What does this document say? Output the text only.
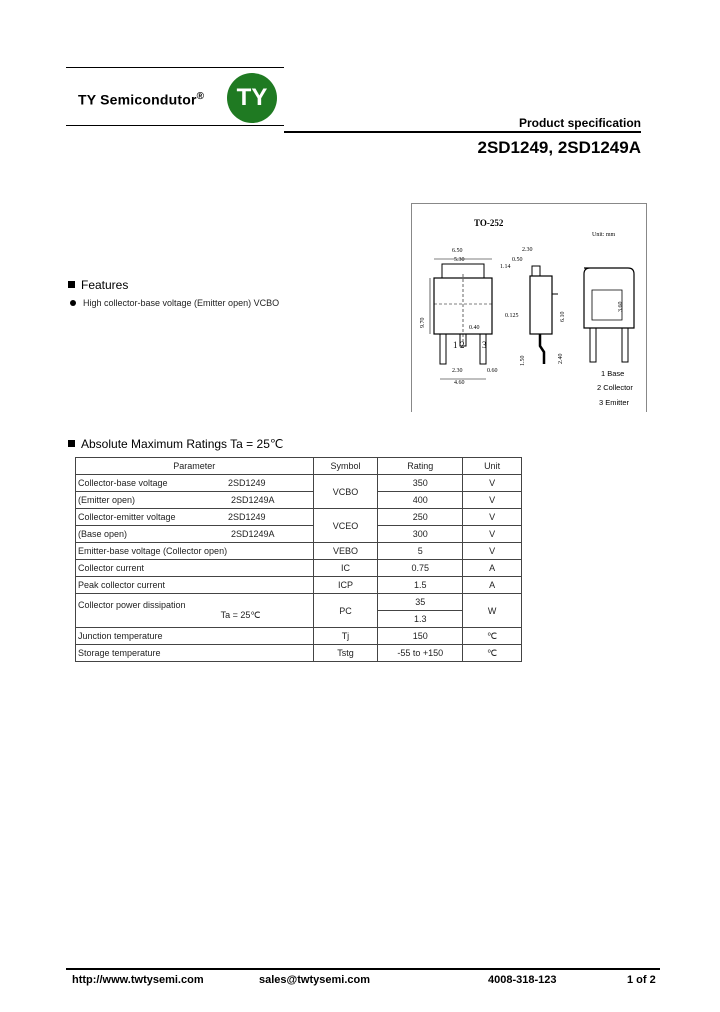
TY Semicondutor®	TY
Product specification
2SD1249, 2SD1249A
Features
High collector-base voltage (Emitter open) VCBO
TO-252
Unit: mm
6.50
5.30
2.30
0.50
1.14
9.70
6.10
0.125
0.40
2.30	0.60
4.60
1.50	2.40
3.60
1 2 3
1 Base
2 Collector
3 Emitter
Absolute Maximum Ratings Ta = 25℃
Parameter	Symbol	Rating	Unit

Collector-base voltage 2SD1249	VCBO	350	V

(Emitter open) 2SD1249A		400	V

Collector-emitter voltage 2SD1249	VCEO	250	V

(Base open) 2SD1249A		300	V
Emitter-base voltage (Collector open)	VEBO	5	V
Collector current	IC	0.75	A
Peak collector current	ICP	1.5	A

Collector power dissipation
Ta = 25℃	PC	35	W
		1.3	
Junction temperature	Tj	150	℃
Storage temperature	Tstg	-55 to +150	℃
http://www.twtysemi.com	sales@twtysemi.com	4008-318-123	1 of 2
